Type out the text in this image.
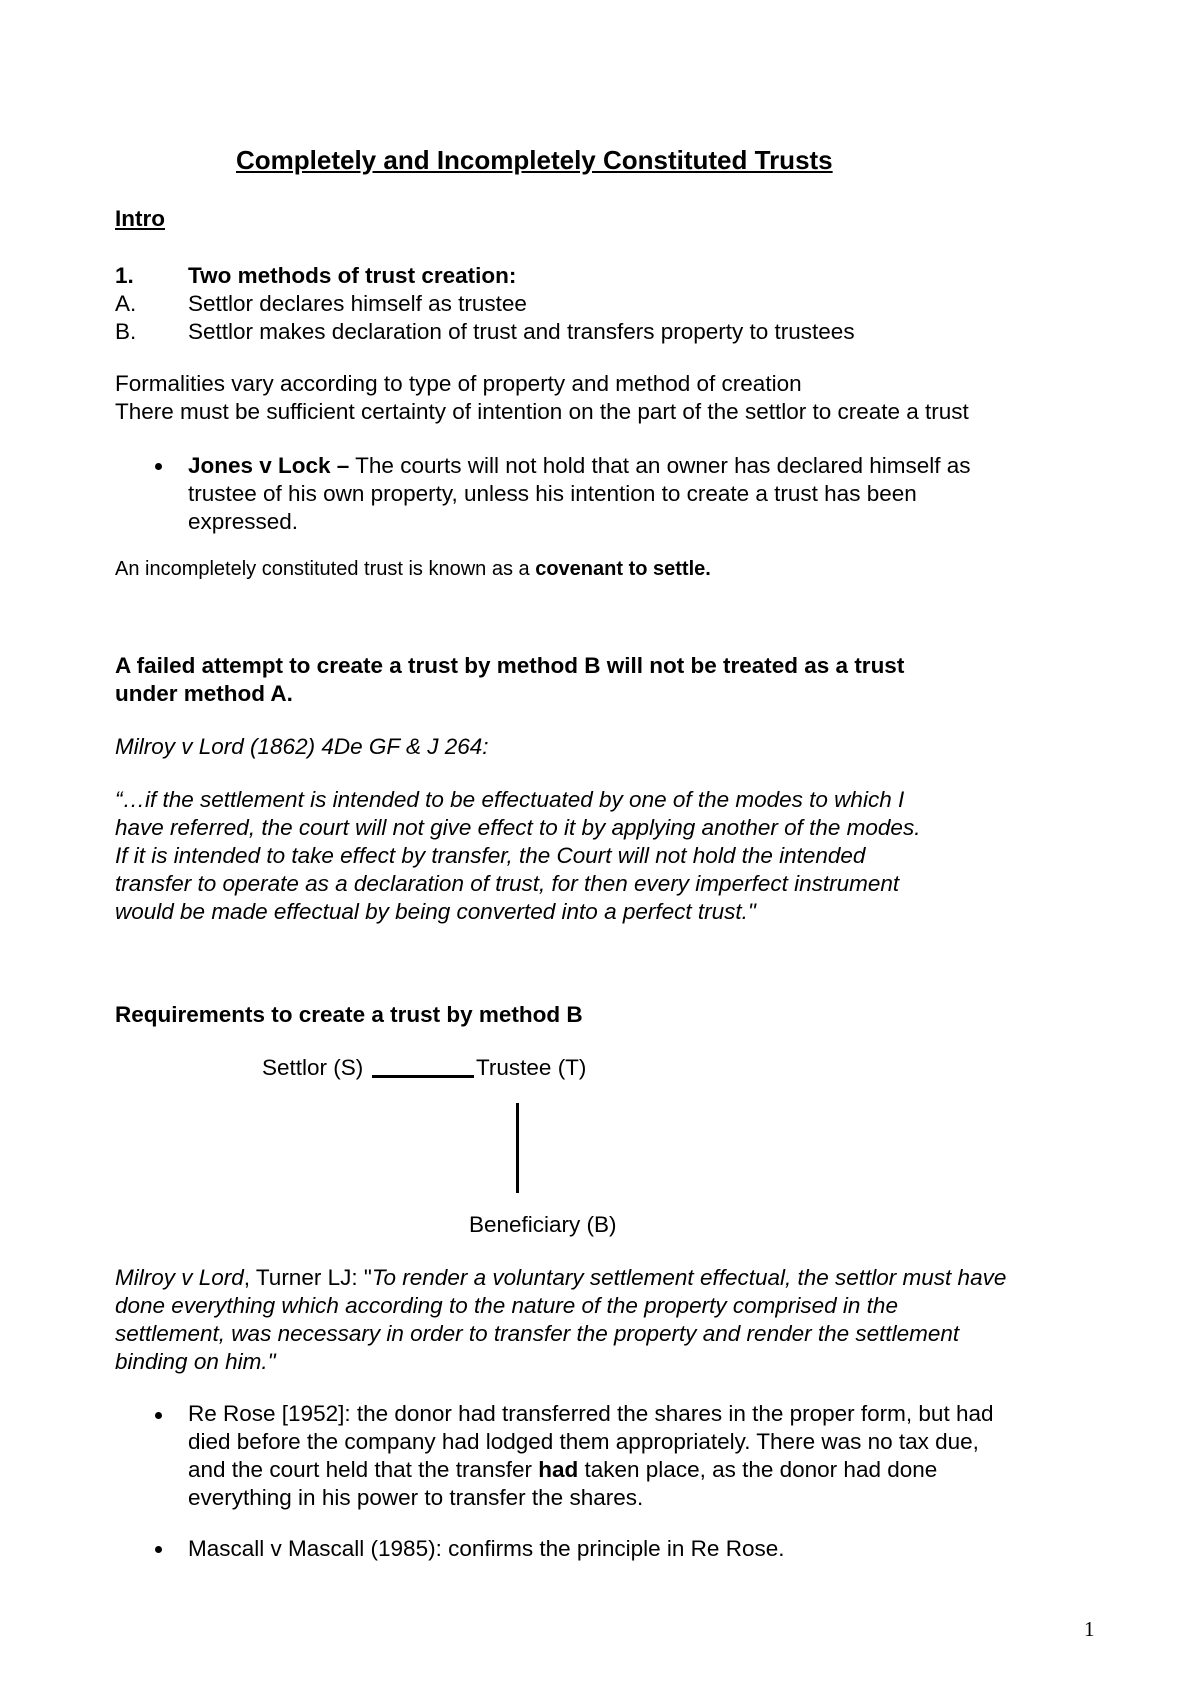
Completely and Incompletely Constituted Trusts
Intro
1. Two methods of trust creation:
A. Settlor declares himself as trustee
B. Settlor makes declaration of trust and transfers property to trustees
Formalities vary according to type of property and method of creation
There must be sufficient certainty of intention on the part of the settlor to create a trust
Jones v Lock – The courts will not hold that an owner has declared himself as
trustee of his own property, unless his intention to create a trust has been
expressed.
An incompletely constituted trust is known as a covenant to settle.
A failed attempt to create a trust by method B will not be treated as a trust
under method A.
Milroy v Lord (1862) 4De GF & J 264:
“…if the settlement is intended to be effectuated by one of the modes to which I
have referred, the court will not give effect to it by applying another of the modes.
If it is intended to take effect by transfer, the Court will not hold the intended
transfer to operate as a declaration of trust, for then every imperfect instrument
would be made effectual by being converted into a perfect trust."
Requirements to create a trust by method B
Settlor (S)	Trustee (T)
Beneficiary (B)
Milroy v Lord, Turner LJ: "To render a voluntary settlement effectual, the settlor must have
done everything which according to the nature of the property comprised in the
settlement, was necessary in order to transfer the property and render the settlement
binding on him."
Re Rose [1952]: the donor had transferred the shares in the proper form, but had
died before the company had lodged them appropriately. There was no tax due,
and the court held that the transfer had taken place, as the donor had done
everything in his power to transfer the shares.
Mascall v Mascall (1985): confirms the principle in Re Rose.
1
